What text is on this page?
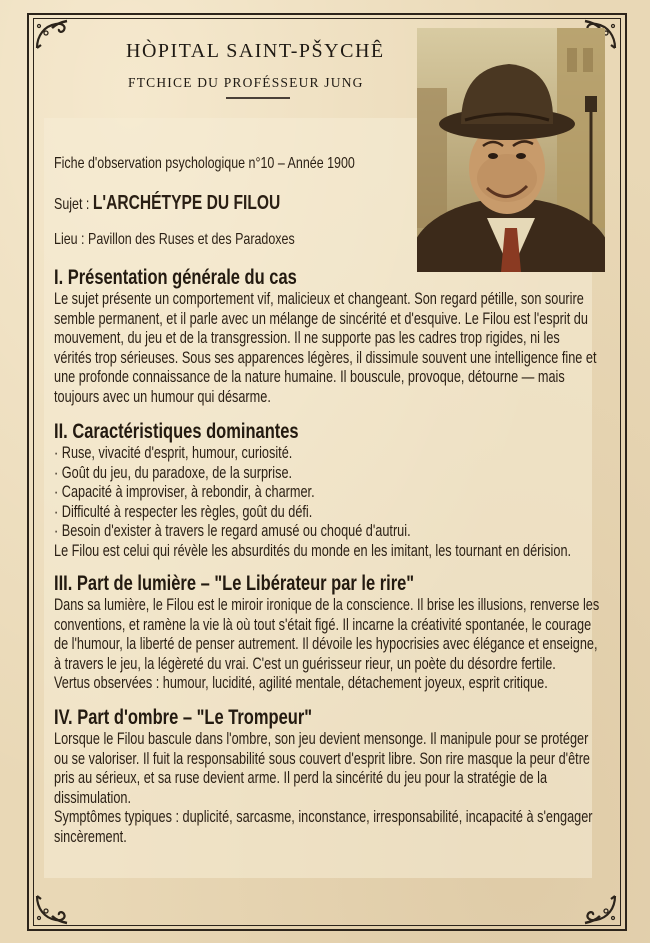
HÒPITAL SAINT-PŠYCHÊ
FTCHICE DU PROFÉSSEUR JUNG
Fiche d'observation psychologique n°10 – Année 1900
Sujet : L'ARCHÉTYPE DU FILOU
Lieu : Pavillon des Ruses et des Paradoxes
I. Présentation générale du cas
Le sujet présente un comportement vif, malicieux et changeant. Son regard pétille, son sourire
semble permanent, et il parle avec un mélange de sincérité et d'esquive. Le Filou est l'esprit du
mouvement, du jeu et de la transgression. Il ne supporte pas les cadres trop rigides, ni les
vérités trop sérieuses. Sous ses apparences légères, il dissimule souvent une intelligence fine et
une profonde connaissance de la nature humaine. Il bouscule, provoque, détourne — mais
toujours avec un humour qui désarme.
II. Caractéristiques dominantes
· Ruse, vivacité d'esprit, humour, curiosité.
· Goût du jeu, du paradoxe, de la surprise.
· Capacité à improviser, à rebondir, à charmer.
· Difficulté à respecter les règles, goût du défi.
· Besoin d'exister à travers le regard amusé ou choqué d'autrui.
Le Filou est celui qui révèle les absurdités du monde en les imitant, les tournant en dérision.
III. Part de lumière – "Le Libérateur par le rire"
Dans sa lumière, le Filou est le miroir ironique de la conscience. Il brise les illusions, renverse les
conventions, et ramène la vie là où tout s'était figé. Il incarne la créativité spontanée, le courage
de l'humour, la liberté de penser autrement. Il dévoile les hypocrisies avec élégance et enseigne,
à travers le jeu, la légèreté du vrai. C'est un guérisseur rieur, un poète du désordre fertile.
Vertus observées : humour, lucidité, agilité mentale, détachement joyeux, esprit critique.
IV. Part d'ombre – "Le Trompeur"
Lorsque le Filou bascule dans l'ombre, son jeu devient mensonge. Il manipule pour se protéger
ou se valoriser. Il fuit la responsabilité sous couvert d'esprit libre. Son rire masque la peur d'être
pris au sérieux, et sa ruse devient arme. Il perd la sincérité du jeu pour la stratégie de la
dissimulation.
Symptômes typiques : duplicité, sarcasme, inconstance, irresponsabilité, incapacité à s'engager
sincèrement.
